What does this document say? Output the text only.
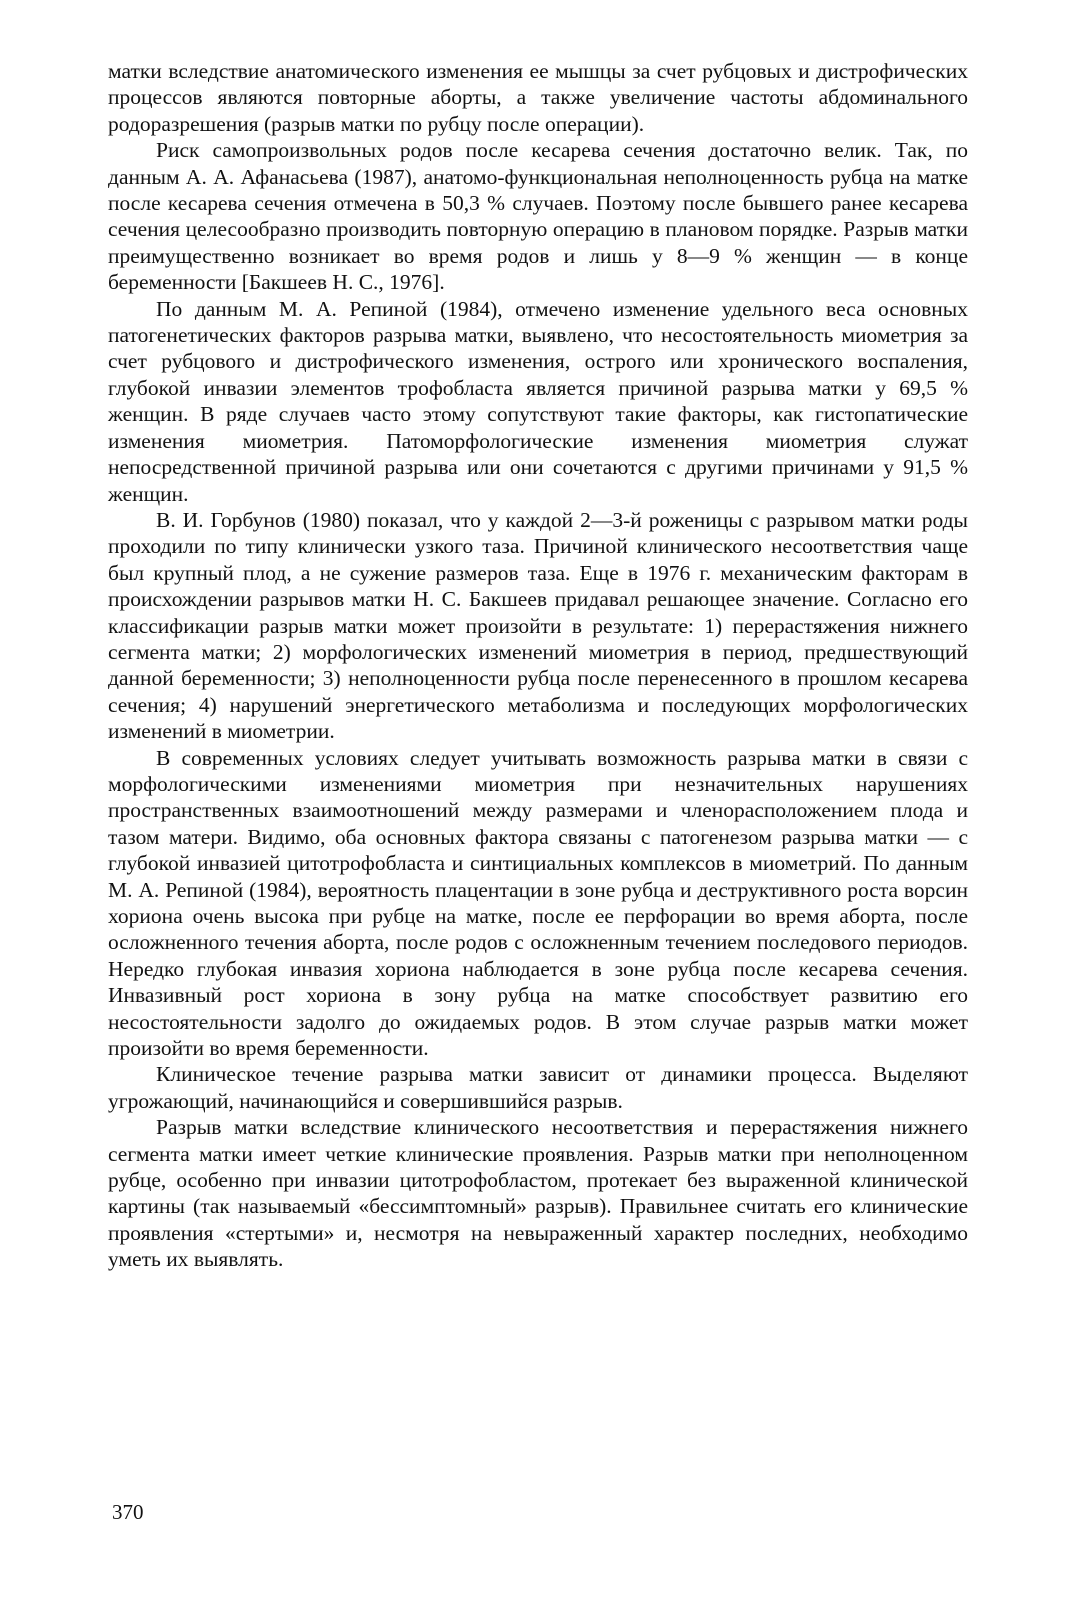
матки вследствие анатомического изменения ее мышцы за счет рубцовых и дистрофических процессов являются повторные аборты, а также увеличение частоты абдоминального родоразрешения (разрыв матки по рубцу после операции).

Риск самопроизвольных родов после кесарева сечения достаточно велик. Так, по данным А. А. Афанасьева (1987), анатомо-функциональная неполноценность рубца на матке после кесарева сечения отмечена в 50,3 % случаев. Поэтому после бывшего ранее кесарева сечения целесообразно производить повторную операцию в плановом порядке. Разрыв матки преимущественно возникает во время родов и лишь у 8—9 % женщин — в конце беременности [Бакшеев Н. С., 1976].

По данным М. А. Репиной (1984), отмечено изменение удельного веса основных патогенетических факторов разрыва матки, выявлено, что несостоятельность миометрия за счет рубцового и дистрофического изменения, острого или хронического воспаления, глубокой инвазии элементов трофобласта является причиной разрыва матки у 69,5 % женщин. В ряде случаев часто этому сопутствуют такие факторы, как гистопатические изменения миометрия. Патоморфологические изменения миометрия служат непосредственной причиной разрыва или они сочетаются с другими причинами у 91,5 % женщин.

В. И. Горбунов (1980) показал, что у каждой 2—3-й роженицы с разрывом матки роды проходили по типу клинически узкого таза. Причиной клинического несоответствия чаще был крупный плод, а не сужение размеров таза. Еще в 1976 г. механическим факторам в происхождении разрывов матки Н. С. Бакшеев придавал решающее значение. Согласно его классификации разрыв матки может произойти в результате: 1) перерастяжения нижнего сегмента матки; 2) морфологических изменений миометрия в период, предшествующий данной беременности; 3) неполноценности рубца после перенесенного в прошлом кесарева сечения; 4) нарушений энергетического метаболизма и последующих морфологических изменений в миометрии.

В современных условиях следует учитывать возможность разрыва матки в связи с морфологическими изменениями миометрия при незначительных нарушениях пространственных взаимоотношений между размерами и членорасположением плода и тазом матери. Видимо, оба основных фактора связаны с патогенезом разрыва матки — с глубокой инвазией цитотрофобласта и синтициальных комплексов в миометрий. По данным М. А. Репиной (1984), вероятность плацентации в зоне рубца и деструктивного роста ворсин хориона очень высока при рубце на матке, после ее перфорации во время аборта, после осложненного течения аборта, после родов с осложненным течением последового периодов. Нередко глубокая инвазия хориона наблюдается в зоне рубца после кесарева сечения. Инвазивный рост хориона в зону рубца на матке способствует развитию его несостоятельности задолго до ожидаемых родов. В этом случае разрыв матки может произойти во время беременности.

Клиническое течение разрыва матки зависит от динамики процесса. Выделяют угрожающий, начинающийся и совершившийся разрыв.

Разрыв матки вследствие клинического несоответствия и перерастяжения нижнего сегмента матки имеет четкие клинические проявления. Разрыв матки при неполноценном рубце, особенно при инвазии цитотрофобластом, протекает без выраженной клинической картины (так называемый «бессимптомный» разрыв). Правильнее считать его клинические проявления «стертыми» и, несмотря на невыраженный характер последних, необходимо уметь их выявлять.

370
